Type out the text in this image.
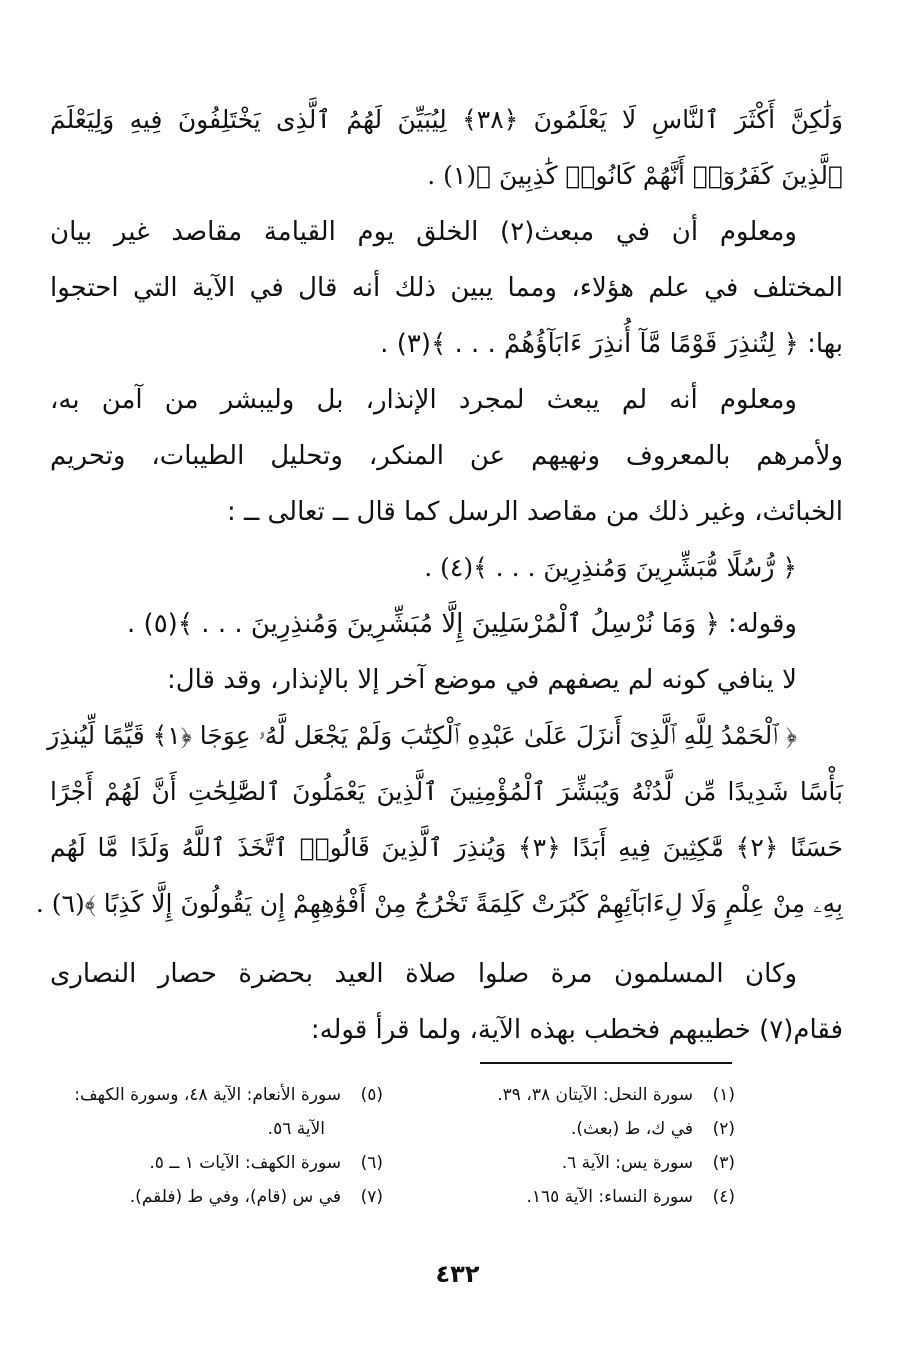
وَلَٰكِنَّ أَكْثَرَ ٱلنَّاسِ لَا يَعْلَمُونَ ﴿٣٨﴾ لِيُبَيِّنَ لَهُمُ ٱلَّذِى يَخْتَلِفُونَ فِيهِ وَلِيَعْلَمَ
ٱلَّذِينَ كَفَرُوٓا۟ أَنَّهُمْ كَانُوا۟ كَٰذِبِينَ ﴾(١) .
ومعلوم أن في مبعث(٢) الخلق يوم القيامة مقاصد غير بيان
المختلف في علم هؤلاء، ومما يبين ذلك أنه قال في الآية التي احتجوا
بها: ﴿ لِتُنذِرَ قَوْمًا مَّآ أُنذِرَ ءَابَآؤُهُمْ . . . ﴾(٣) .
ومعلوم أنه لم يبعث لمجرد الإنذار، بل وليبشر من آمن به،
ولأمرهم بالمعروف ونهيهم عن المنكر، وتحليل الطيبات، وتحريم
الخبائث، وغير ذلك من مقاصد الرسل كما قال ــ تعالى ــ :
﴿ رُّسُلًا مُّبَشِّرِينَ وَمُنذِرِينَ . . . ﴾(٤) .
وقوله: ﴿ وَمَا نُرْسِلُ ٱلْمُرْسَلِينَ إِلَّا مُبَشِّرِينَ وَمُنذِرِينَ . . . ﴾(٥) .
لا ينافي كونه لم يصفهم في موضع آخر إلا بالإنذار، وقد قال:
﴿ ٱلْحَمْدُ لِلَّهِ ٱلَّذِىٓ أَنزَلَ عَلَىٰ عَبْدِهِ ٱلْكِتَٰبَ وَلَمْ يَجْعَل لَّهُۥ عِوَجَا ﴿١﴾ قَيِّمًا لِّيُنذِرَ
بَأْسًا شَدِيدًا مِّن لَّدُنْهُ وَيُبَشِّرَ ٱلْمُؤْمِنِينَ ٱلَّذِينَ يَعْمَلُونَ ٱلصَّٰلِحَٰتِ أَنَّ لَهُمْ أَجْرًا
حَسَنًا ﴿٢﴾ مَّٰكِثِينَ فِيهِ أَبَدًا ﴿٣﴾ وَيُنذِرَ ٱلَّذِينَ قَالُوا۟ ٱتَّخَذَ ٱللَّهُ وَلَدًا مَّا لَهُم
بِهِۦ مِنْ عِلْمٍ وَلَا لِءَابَآئِهِمْ كَبُرَتْ كَلِمَةً تَخْرُجُ مِنْ أَفْوَٰهِهِمْ إِن يَقُولُونَ إِلَّا كَذِبًا ﴾(٦) .
وكان المسلمون مرة صلوا صلاة العيد بحضرة حصار النصارى
فقام(٧) خطيبهم فخطب بهذه الآية، ولما قرأ قوله:
(١)سورة النحل: الآيتان ٣٨، ٣٩.
(٢)في ك، ط (بعث).
(٣)سورة يس: الآية ٦.
(٤)سورة النساء: الآية ١٦٥.
(٥)سورة الأنعام: الآية ٤٨، وسورة الكهف:
الآية ٥٦.
(٦)سورة الكهف: الآيات ١ ــ ٥.
(٧)في س (قام)، وفي ط (فلقم).
٤٣٢
